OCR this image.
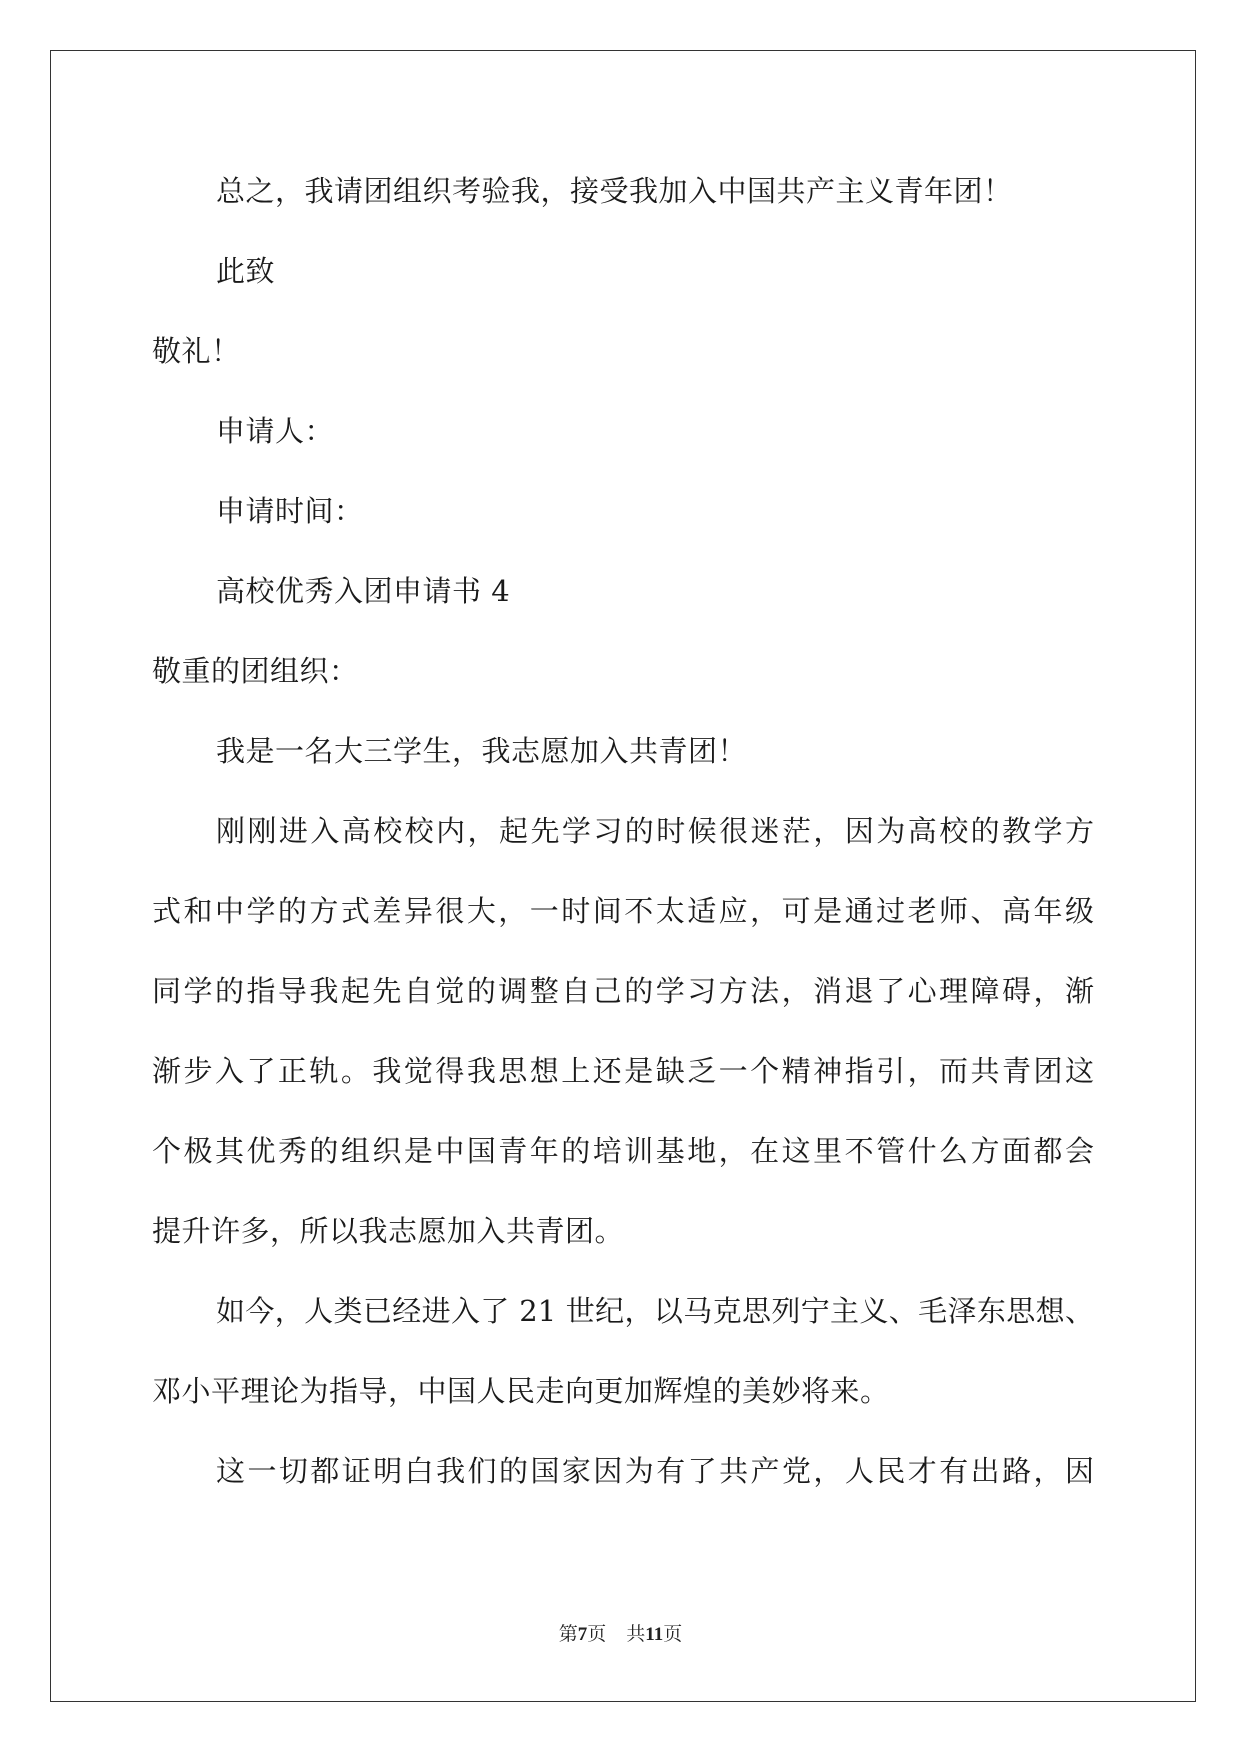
总之，我请团组织考验我，接受我加入中国共产主义青年团！
此致
敬礼！
申请人：
申请时间：
高校优秀入团申请书 4
敬重的团组织：
我是一名大三学生，我志愿加入共青团！
刚刚进入高校校内，起先学习的时候很迷茫，因为高校的教学方
式和中学的方式差异很大，一时间不太适应，可是通过老师、高年级
同学的指导我起先自觉的调整自己的学习方法，消退了心理障碍，渐
渐步入了正轨。我觉得我思想上还是缺乏一个精神指引，而共青团这
个极其优秀的组织是中国青年的培训基地，在这里不管什么方面都会
提升许多，所以我志愿加入共青团。
如今，人类已经进入了 21 世纪，以马克思列宁主义、毛泽东思想、
邓小平理论为指导，中国人民走向更加辉煌的美妙将来。
这一切都证明白我们的国家因为有了共产党，人民才有出路，因
第7页 共11页
